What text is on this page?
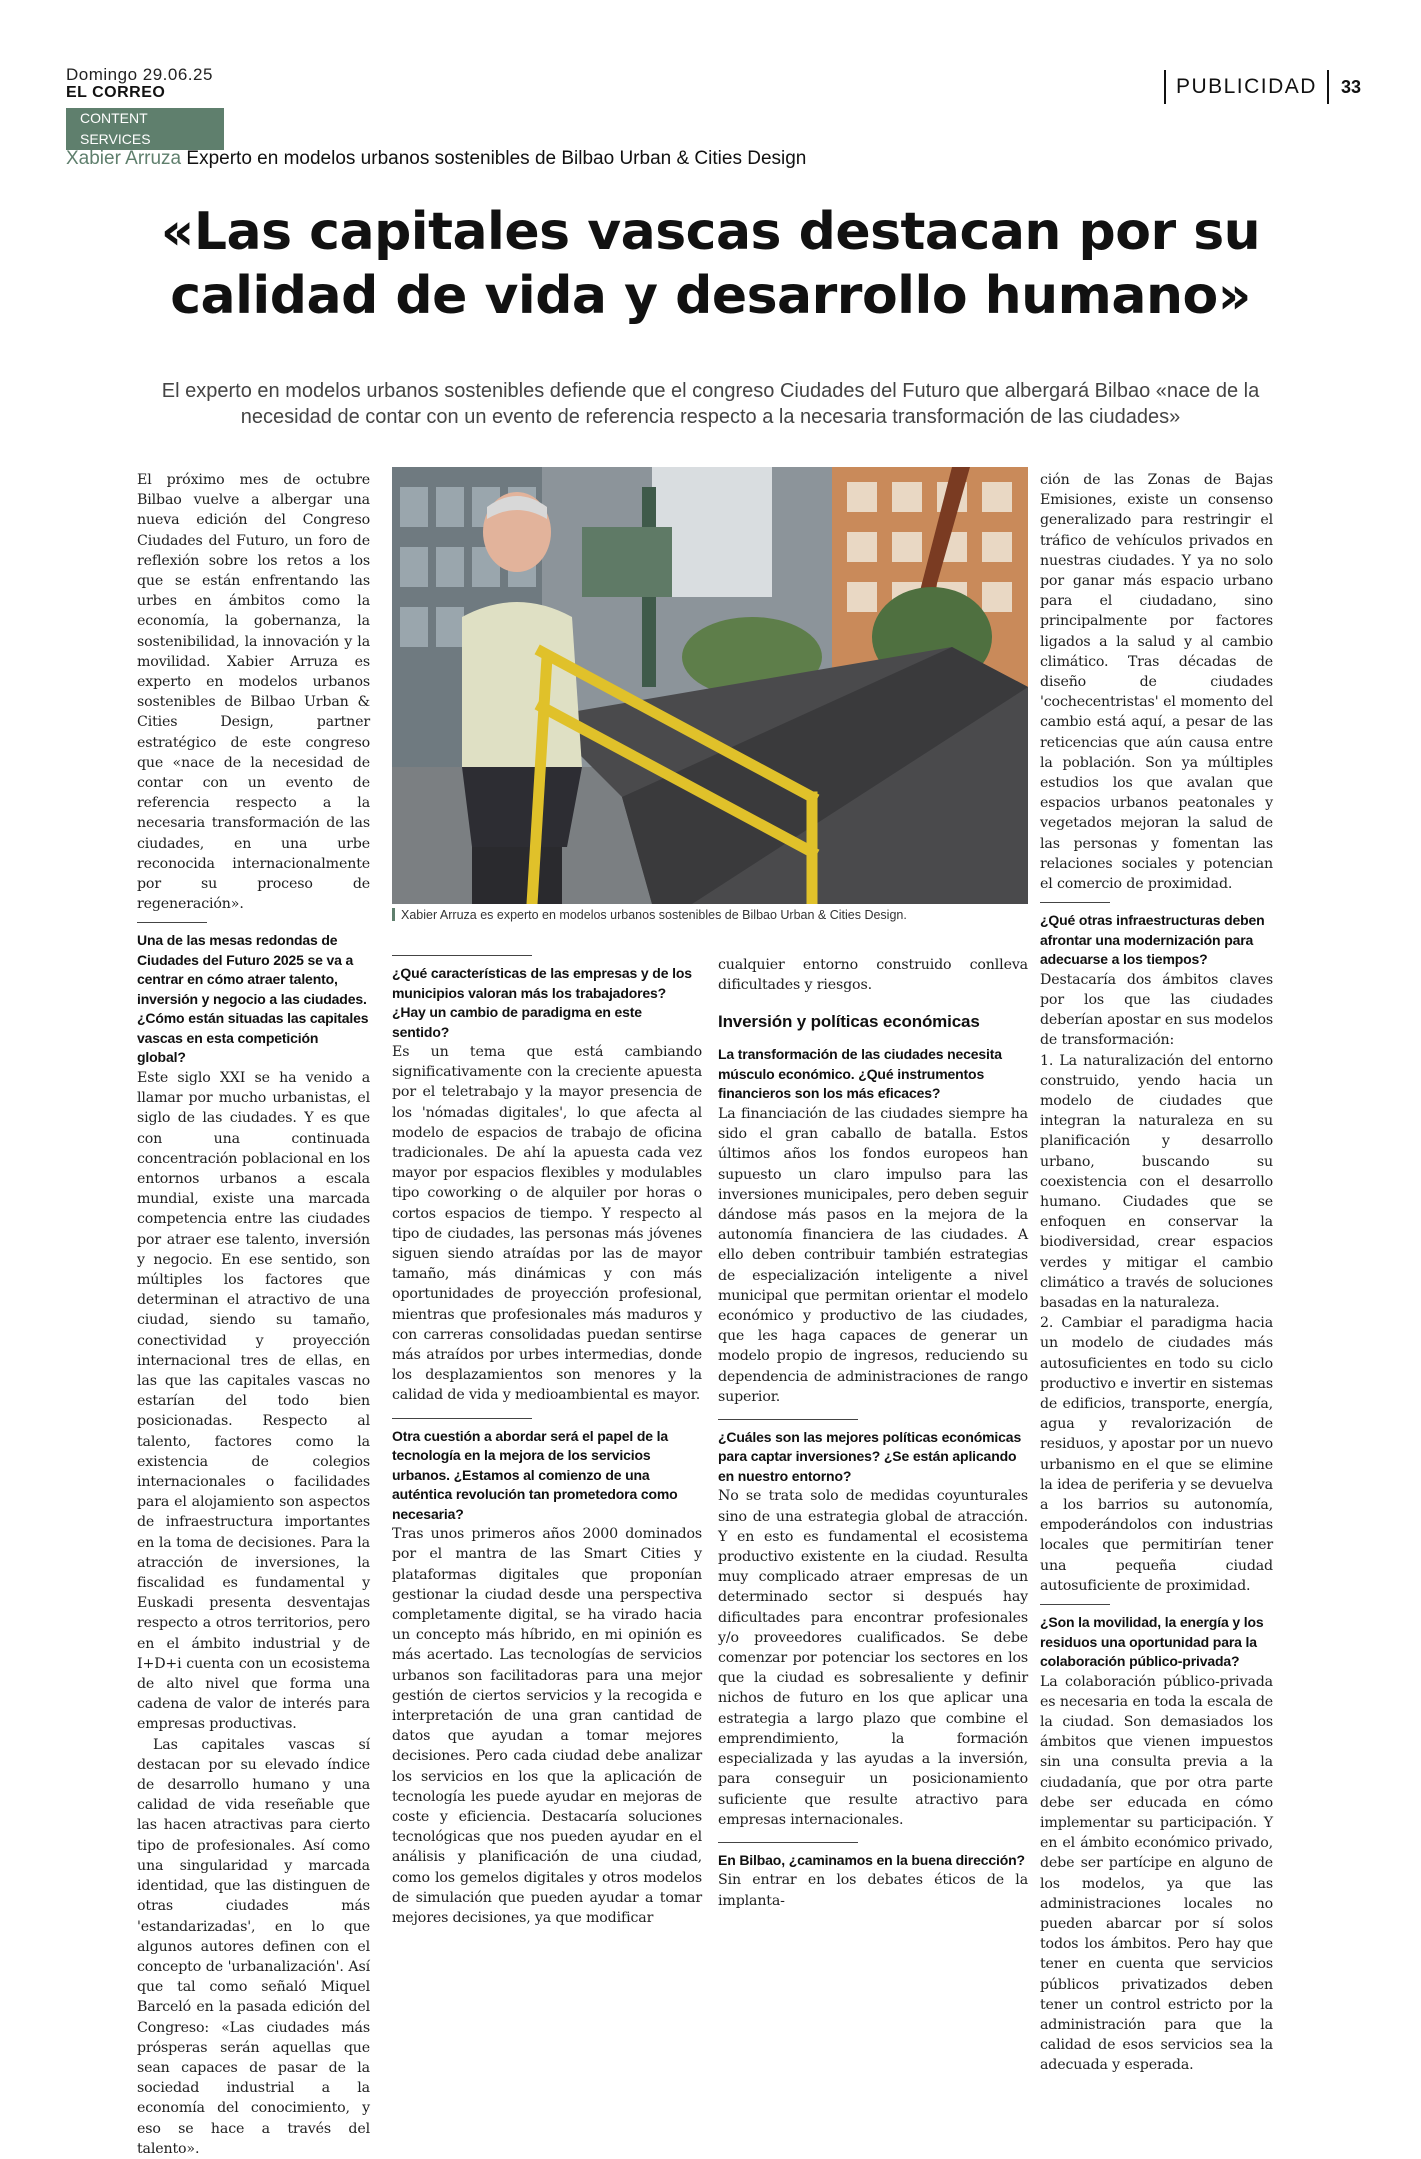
Domingo 29.06.25
EL CORREO
CONTENT SERVICES
PUBLICIDAD	33
Xabier Arruza Experto en modelos urbanos sostenibles de Bilbao Urban & Cities Design
«Las capitales vascas destacan por su calidad de vida y desarrollo humano»

El experto en modelos urbanos sostenibles defiende que el congreso Ciudades del Futuro que albergará Bilbao «nace de la necesidad de contar con un evento de referencia respecto a la necesaria transformación de las ciudades»

El próximo mes de octubre Bilbao vuelve a albergar una nueva edición del Congreso Ciudades del Futuro, un foro de reflexión sobre los retos a los que se están enfrentando las urbes en ámbitos como la economía, la gobernanza, la sostenibilidad, la innovación y la movilidad. Xabier Arruza es experto en modelos urbanos sostenibles de Bilbao Urban & Cities Design, partner estratégico de este congreso que «nace de la necesidad de contar con un evento de referencia respecto a la necesaria transformación de las ciudades, en una urbe reconocida internacionalmente por su proceso de regeneración».

Una de las mesas redondas de Ciudades del Futuro 2025 se va a centrar en cómo atraer talento, inversión y negocio a las ciudades. ¿Cómo están situadas las capitales vascas en esta competición global?

Este siglo XXI se ha venido a llamar por mucho urbanistas, el siglo de las ciudades. Y es que con una continuada concentración poblacional en los entornos urbanos a escala mundial, existe una marcada competencia entre las ciudades por atraer ese talento, inversión y negocio. En ese sentido, son múltiples los factores que determinan el atractivo de una ciudad, siendo su tamaño, conectividad y proyección internacional tres de ellas, en las que las capitales vascas no estarían del todo bien posicionadas. Respecto al talento, factores como la existencia de colegios internacionales o facilidades para el alojamiento son aspectos de infraestructura importantes en la toma de decisiones. Para la atracción de inversiones, la fiscalidad es fundamental y Euskadi presenta desventajas respecto a otros territorios, pero en el ámbito industrial y de I+D+i cuenta con un ecosistema de alto nivel que forma una cadena de valor de interés para empresas productivas.

Las capitales vascas sí destacan por su elevado índice de desarrollo humano y una calidad de vida reseñable que las hacen atractivas para cierto tipo de profesionales. Así como una singularidad y marcada identidad, que las distinguen de otras ciudades más 'estandarizadas', en lo que algunos autores definen con el concepto de 'urbanalización'. Así que tal como señaló Miquel Barceló en la pasada edición del Congreso: «Las ciudades más prósperas serán aquellas que sean capaces de pasar de la sociedad industrial a la economía del conocimiento, y eso se hace a través del talento».

Xabier Arruza es experto en modelos urbanos sostenibles de Bilbao Urban & Cities Design.

¿Qué características de las empresas y de los municipios valoran más los trabajadores? ¿Hay un cambio de paradigma en este sentido?

Es un tema que está cambiando significativamente con la creciente apuesta por el teletrabajo y la mayor presencia de los 'nómadas digitales', lo que afecta al modelo de espacios de trabajo de oficina tradicionales. De ahí la apuesta cada vez mayor por espacios flexibles y modulables tipo coworking o de alquiler por horas o cortos espacios de tiempo. Y respecto al tipo de ciudades, las personas más jóvenes siguen siendo atraídas por las de mayor tamaño, más dinámicas y con más oportunidades de proyección profesional, mientras que profesionales más maduros y con carreras consolidadas puedan sentirse más atraídos por urbes intermedias, donde los desplazamientos son menores y la calidad de vida y medioambiental es mayor.

Otra cuestión a abordar será el papel de la tecnología en la mejora de los servicios urbanos. ¿Estamos al comienzo de una auténtica revolución tan prometedora como necesaria?

Tras unos primeros años 2000 dominados por el mantra de las Smart Cities y plataformas digitales que proponían gestionar la ciudad desde una perspectiva completamente digital, se ha virado hacia un concepto más híbrido, en mi opinión es más acertado. Las tecnologías de servicios urbanos son facilitadoras para una mejor gestión de ciertos servicios y la recogida e interpretación de una gran cantidad de datos que ayudan a tomar mejores decisiones. Pero cada ciudad debe analizar los servicios en los que la aplicación de tecnología les puede ayudar en mejoras de coste y eficiencia. Destacaría soluciones tecnológicas que nos pueden ayudar en el análisis y planificación de una ciudad, como los gemelos digitales y otros modelos de simulación que pueden ayudar a tomar mejores decisiones, ya que modificar

cualquier entorno construido conlleva dificultades y riesgos.

Inversión y políticas económicas

La transformación de las ciudades necesita músculo económico. ¿Qué instrumentos financieros son los más eficaces?

La financiación de las ciudades siempre ha sido el gran caballo de batalla. Estos últimos años los fondos europeos han supuesto un claro impulso para las inversiones municipales, pero deben seguir dándose más pasos en la mejora de la autonomía financiera de las ciudades. A ello deben contribuir también estrategias de especialización inteligente a nivel municipal que permitan orientar el modelo económico y productivo de las ciudades, que les haga capaces de generar un modelo propio de ingresos, reduciendo su dependencia de administraciones de rango superior.

¿Cuáles son las mejores políticas económicas para captar inversiones? ¿Se están aplicando en nuestro entorno?

No se trata solo de medidas coyunturales sino de una estrategia global de atracción. Y en esto es fundamental el ecosistema productivo existente en la ciudad. Resulta muy complicado atraer empresas de un determinado sector si después hay dificultades para encontrar profesionales y/o proveedores cualificados. Se debe comenzar por potenciar los sectores en los que la ciudad es sobresaliente y definir nichos de futuro en los que aplicar una estrategia a largo plazo que combine el emprendimiento, la formación especializada y las ayudas a la inversión, para conseguir un posicionamiento suficiente que resulte atractivo para empresas internacionales.

En Bilbao, ¿caminamos en la buena dirección?

Sin entrar en los debates éticos de la implanta-

ción de las Zonas de Bajas Emisiones, existe un consenso generalizado para restringir el tráfico de vehículos privados en nuestras ciudades. Y ya no solo por ganar más espacio urbano para el ciudadano, sino principalmente por factores ligados a la salud y al cambio climático. Tras décadas de diseño de ciudades 'cochecentristas' el momento del cambio está aquí, a pesar de las reticencias que aún causa entre la población. Son ya múltiples estudios los que avalan que espacios urbanos peatonales y vegetados mejoran la salud de las personas y fomentan las relaciones sociales y potencian el comercio de proximidad.

¿Qué otras infraestructuras deben afrontar una modernización para adecuarse a los tiempos?

Destacaría dos ámbitos claves por los que las ciudades deberían apostar en sus modelos de transformación:

1. La naturalización del entorno construido, yendo hacia un modelo de ciudades que integran la naturaleza en su planificación y desarrollo urbano, buscando su coexistencia con el desarrollo humano. Ciudades que se enfoquen en conservar la biodiversidad, crear espacios verdes y mitigar el cambio climático a través de soluciones basadas en la naturaleza.

2. Cambiar el paradigma hacia un modelo de ciudades más autosuficientes en todo su ciclo productivo e invertir en sistemas de edificios, transporte, energía, agua y revalorización de residuos, y apostar por un nuevo urbanismo en el que se elimine la idea de periferia y se devuelva a los barrios su autonomía, empoderándolos con industrias locales que permitirían tener una pequeña ciudad autosuficiente de proximidad.

¿Son la movilidad, la energía y los residuos una oportunidad para la colaboración público-privada?

La colaboración público-privada es necesaria en toda la escala de la ciudad. Son demasiados los ámbitos que vienen impuestos sin una consulta previa a la ciudadanía, que por otra parte debe ser educada en cómo implementar su participación. Y en el ámbito económico privado, debe ser partícipe en alguno de los modelos, ya que las administraciones locales no pueden abarcar por sí solos todos los ámbitos. Pero hay que tener en cuenta que servicios públicos privatizados deben tener un control estricto por la administración para que la calidad de esos servicios sea la adecuada y esperada.
